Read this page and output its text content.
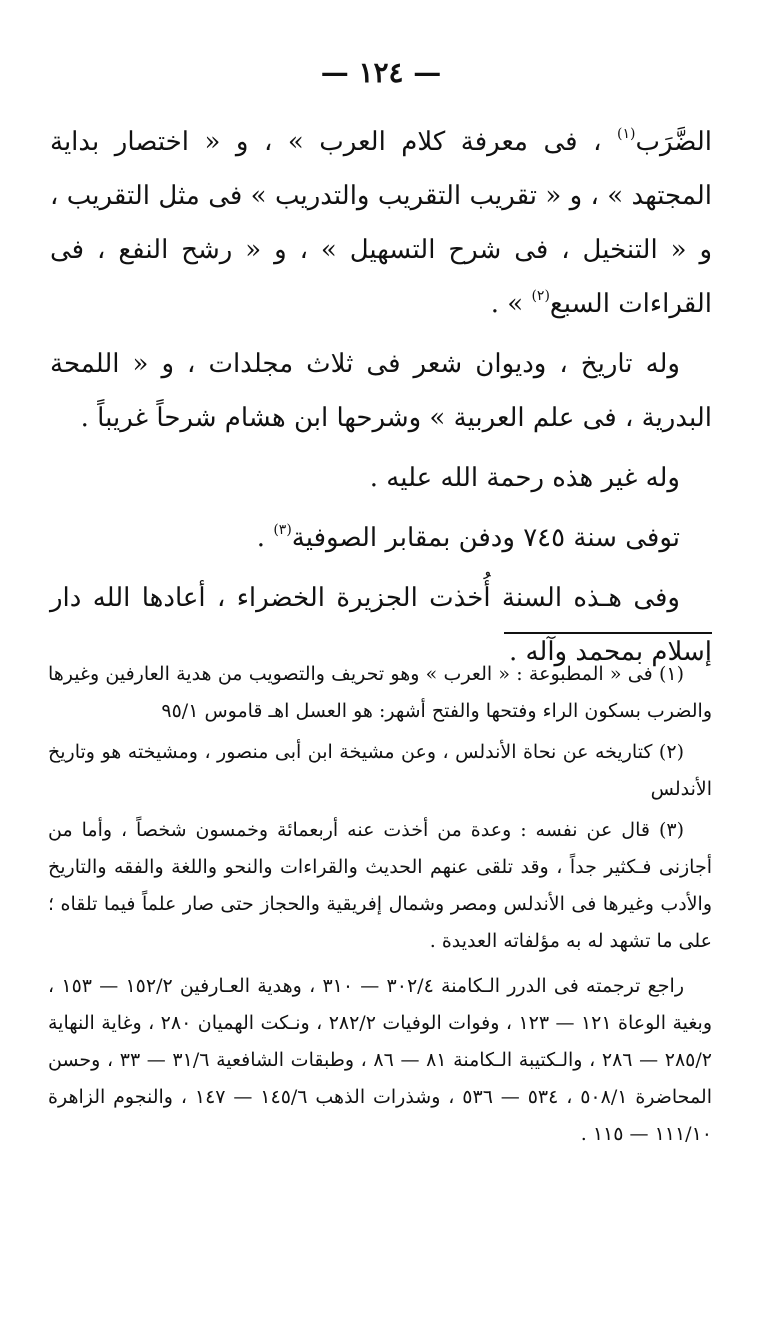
— ١٢٤ —

الضَّرَب$^{(١)}$ ، فى معرفة كلام العرب » ، و « اختصار بداية المجتهد » ، و « تقريب التقريب والتدريب » فى مثل التقريب ، و « التنخيل ، فى شرح التسهيل » ، و « رشح النفع ، فى القراءات السبع$^{(٢)}$ » .

وله تاريخ ، وديوان شعر فى ثلاث مجلدات ، و « اللمحة البدرية ، فى علم العربية » وشرحها ابن هشام شرحاً غريباً .

وله غير هذه رحمة الله عليه .

توفى سنة ٧٤٥ ودفن بمقابر الصوفية$^{(٣)}$ .

وفى هـذه السنة أُخذت الجزيرة الخضراء ، أعادها الله دار إسلام بمحمد وآله .

(١) فى « المطبوعة : « العرب » وهو تحريف والتصويب من هدية العارفين وغيرها والضرب بسكون الراء وفتحها والفتح أشهر: هو العسل اهـ قاموس ٩٥/١

(٢) كتاريخه عن نحاة الأندلس ، وعن مشيخة ابن أبى منصور ، ومشيخته هو وتاريخ الأندلس

(٣) قال عن نفسه : وعدة من أخذت عنه أربعمائة وخمسون شخصاً ، وأما من أجازنى فـكثير جداً ، وقد تلقى عنهم الحديث والقراءات والنحو واللغة والفقه والتاريخ والأدب وغيرها فى الأندلس ومصر وشمال إفريقية والحجاز حتى صار علماً فيما تلقاه ؛ على ما تشهد له به مؤلفاته العديدة .

راجع ترجمته فى الدرر الـكامنة ٣٠٢/٤ — ٣١٠ ، وهدية العـارفين ١٥٢/٢ — ١٥٣ ، وبغية الوعاة ١٢١ — ١٢٣ ، وفوات الوفيات ٢٨٢/٢ ، ونـكت الهميان ٢٨٠ ، وغاية النهاية ٢٨٥/٢ — ٢٨٦ ، والـكتيبة الـكامنة ٨١ — ٨٦ ، وطبقات الشافعية ٣١/٦ — ٣٣ ، وحسن المحاضرة ٥٠٨/١ ، ٥٣٤ — ٥٣٦ ، وشذرات الذهب ١٤٥/٦ — ١٤٧ ، والنجوم الزاهرة ١١١/١٠ — ١١٥ .
